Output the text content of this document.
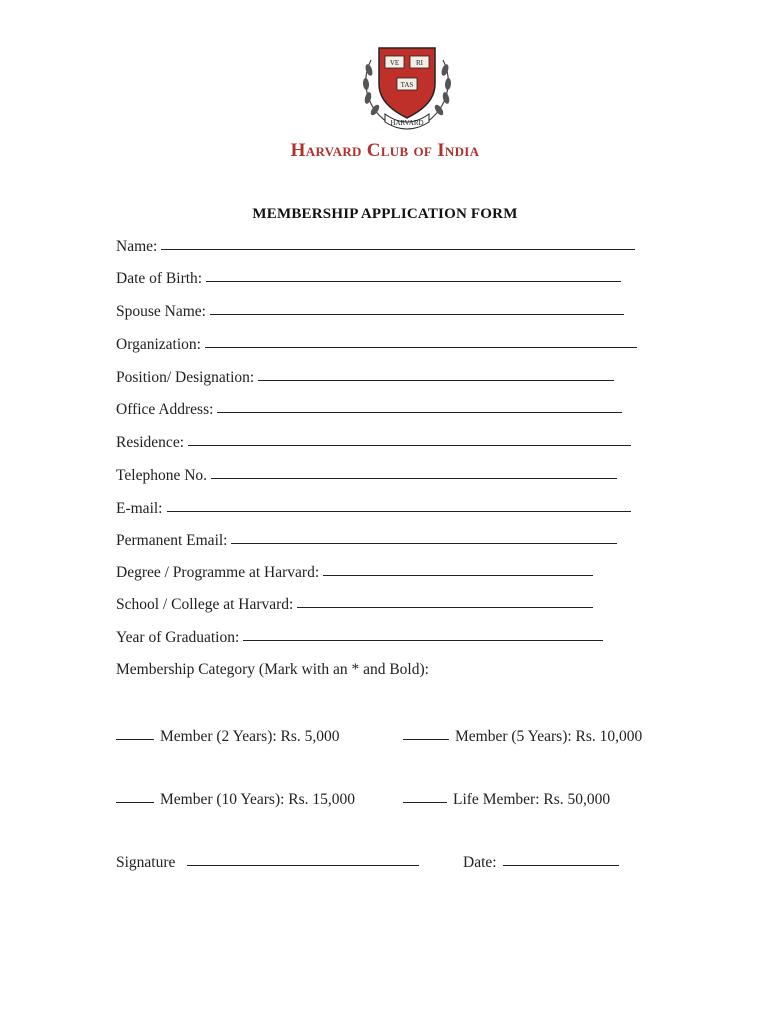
VE RI
TAS
HARVARD
Harvard Club of India
MEMBERSHIP APPLICATION FORM
Name:
Date of Birth:
Spouse Name:
Organization:
Position/ Designation:
Office Address:
Residence:
Telephone No.
E-mail:
Permanent Email:
Degree / Programme at Harvard:
School / College at Harvard:
Year of Graduation:
Membership Category (Mark with an * and Bold):
Member (2 Years): Rs. 5,000	Member (5 Years): Rs. 10,000
Member (10 Years): Rs. 15,000	Life Member: Rs. 50,000
Signature	Date:
